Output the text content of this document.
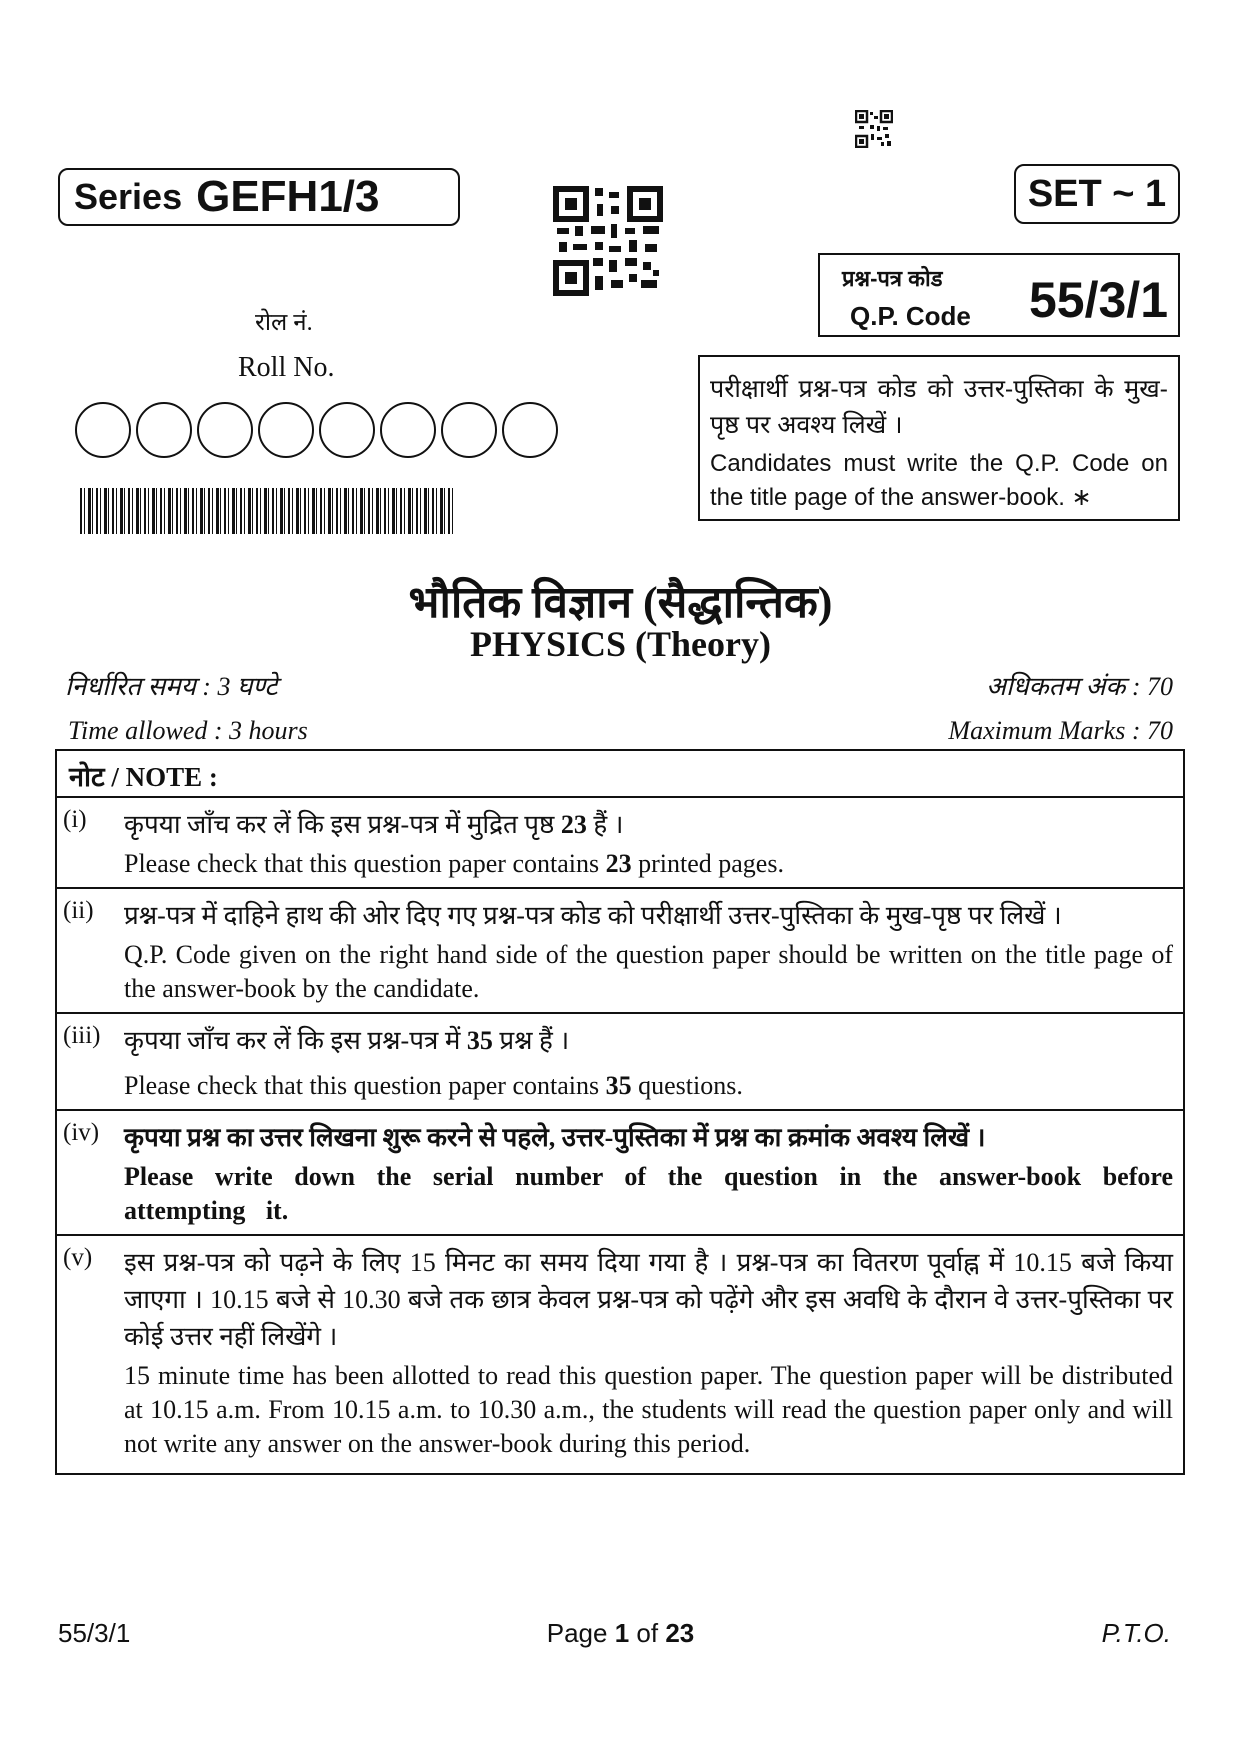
Series GEFH1/3	SET ~ 1
प्रश्न-पत्र कोड
Q.P. Code 55/3/1
रोल नं.
Roll No.
परीक्षार्थी प्रश्न-पत्र कोड को उत्तर-पुस्तिका के मुख-पृष्ठ पर अवश्य लिखें ।
Candidates must write the Q.P. Code on the title page of the answer-book. ∗
भौतिक विज्ञान (सैद्धान्तिक)
PHYSICS (Theory)
निर्धारित समय : 3 घण्टे	अधिकतम अंक : 70
Time allowed : 3 hours	Maximum Marks : 70
नोट / NOTE :
(i) कृपया जाँच कर लें कि इस प्रश्न-पत्र में मुद्रित पृष्ठ 23 हैं ।
Please check that this question paper contains 23 printed pages.
(ii) प्रश्न-पत्र में दाहिने हाथ की ओर दिए गए प्रश्न-पत्र कोड को परीक्षार्थी उत्तर-पुस्तिका के मुख-पृष्ठ पर लिखें ।
Q.P. Code given on the right hand side of the question paper should be written on the title page of the answer-book by the candidate.
(iii) कृपया जाँच कर लें कि इस प्रश्न-पत्र में 35 प्रश्न हैं ।
Please check that this question paper contains 35 questions.
(iv) कृपया प्रश्न का उत्तर लिखना शुरू करने से पहले, उत्तर-पुस्तिका में प्रश्न का क्रमांक अवश्य लिखें ।
Please write down the serial number of the question in the answer-book before attempting it.
(v) इस प्रश्न-पत्र को पढ़ने के लिए 15 मिनट का समय दिया गया है । प्रश्न-पत्र का वितरण पूर्वाह्न में 10.15 बजे किया जाएगा । 10.15 बजे से 10.30 बजे तक छात्र केवल प्रश्न-पत्र को पढ़ेंगे और इस अवधि के दौरान वे उत्तर-पुस्तिका पर कोई उत्तर नहीं लिखेंगे ।
15 minute time has been allotted to read this question paper. The question paper will be distributed at 10.15 a.m. From 10.15 a.m. to 10.30 a.m., the students will read the question paper only and will not write any answer on the answer-book during this period.
55/3/1	Page 1 of 23	P.T.O.
